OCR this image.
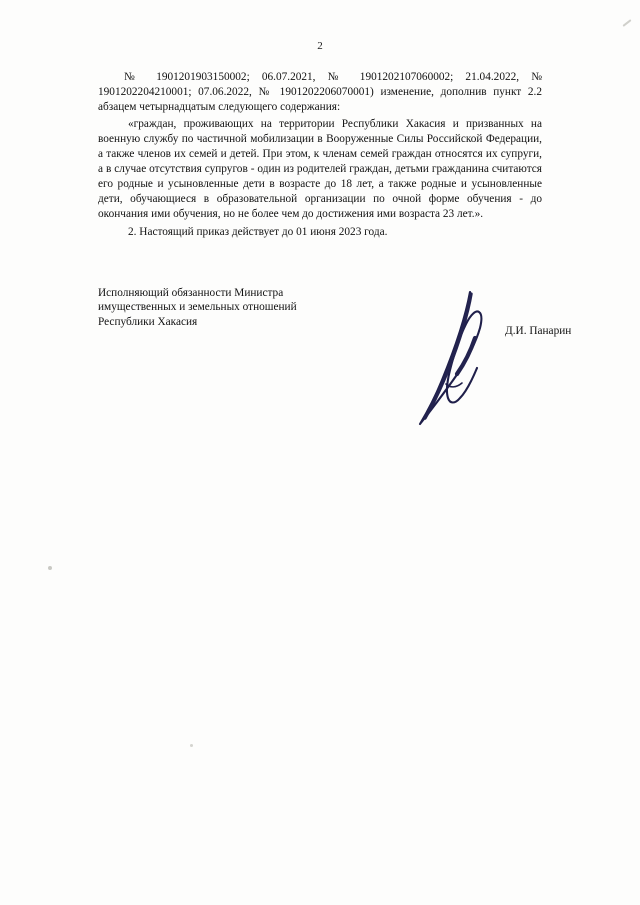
2

№ 1901201903150002; 06.07.2021, № 1901202107060002; 21.04.2022, № 1901202204210001; 07.06.2022, № 1901202206070001) изменение, дополнив пункт 2.2 абзацем четырнадцатым следующего содержания:

«граждан, проживающих на территории Республики Хакасия и призванных на военную службу по частичной мобилизации в Вооруженные Силы Российской Федерации, а также членов их семей и детей. При этом, к членам семей граждан относятся их супруги, а в случае отсутствия супругов - один из родителей граждан, детьми гражданина считаются его родные и усыновленные дети в возрасте до 18 лет, а также родные и усыновленные дети, обучающиеся в образовательной организации по очной форме обучения - до окончания ими обучения, но не более чем до достижения ими возраста 23 лет.».

2. Настоящий приказ действует до 01 июня 2023 года.

Исполняющий обязанности Министра
имущественных и земельных отношений
Республики Хакасия
Д.И. Панарин
